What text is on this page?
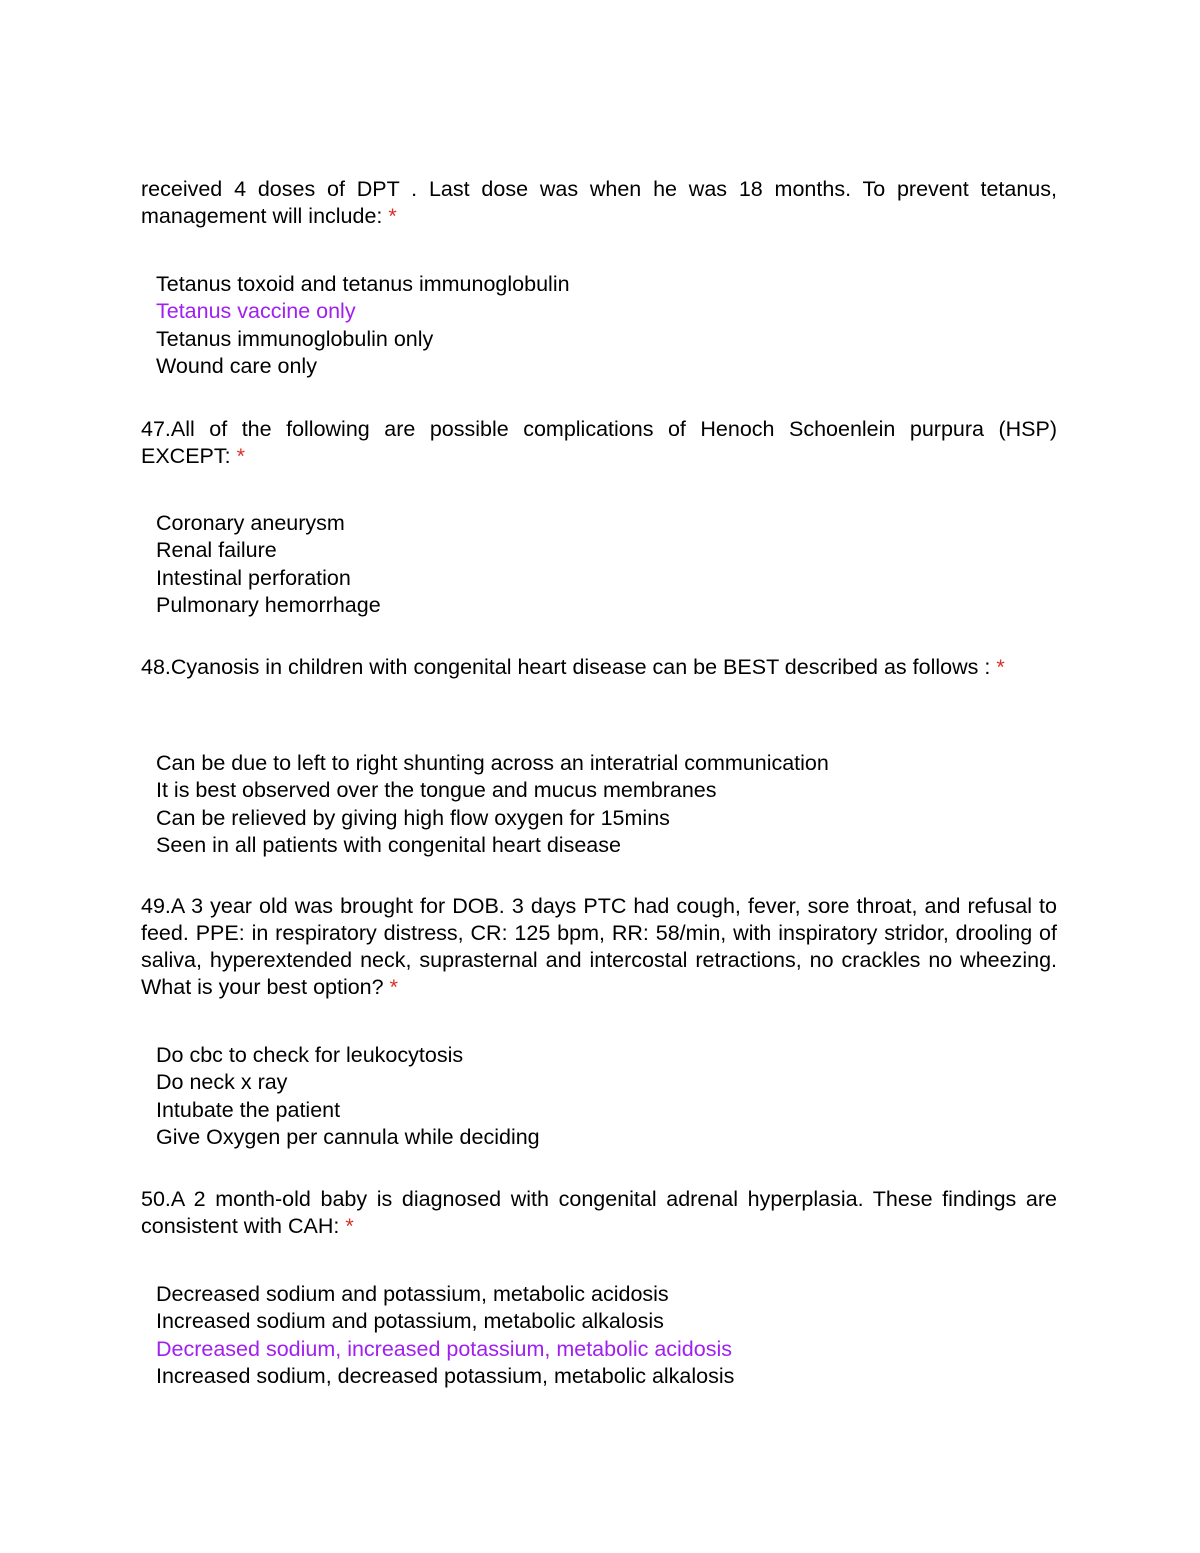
received 4 doses of DPT . Last dose was when he was 18 months. To prevent tetanus, management will include: *
Tetanus toxoid and tetanus immunoglobulin
Tetanus vaccine only
Tetanus immunoglobulin only
Wound care only
47.All of the following are possible complications of Henoch Schoenlein purpura (HSP) EXCEPT: *
Coronary aneurysm
Renal failure
Intestinal perforation
Pulmonary hemorrhage
48.Cyanosis in children with congenital heart disease can be BEST described as follows : *
Can be due to left to right shunting across an interatrial communication
It is best observed over the tongue and mucus membranes
Can be relieved by giving high flow oxygen for 15mins
Seen in all patients with congenital heart disease
49.A 3 year old was brought for DOB. 3 days PTC had cough, fever, sore throat, and refusal to feed. PPE: in respiratory distress, CR: 125 bpm, RR: 58/min, with inspiratory stridor, drooling of saliva, hyperextended neck, suprasternal and intercostal retractions, no crackles no wheezing. What is your best option? *
Do cbc to check for leukocytosis
Do neck x ray
Intubate the patient
Give Oxygen per cannula while deciding
50.A 2 month-old baby is diagnosed with congenital adrenal hyperplasia. These findings are consistent with CAH: *
Decreased sodium and potassium, metabolic acidosis
Increased sodium and potassium, metabolic alkalosis
Decreased sodium, increased potassium, metabolic acidosis
Increased sodium, decreased potassium, metabolic alkalosis
